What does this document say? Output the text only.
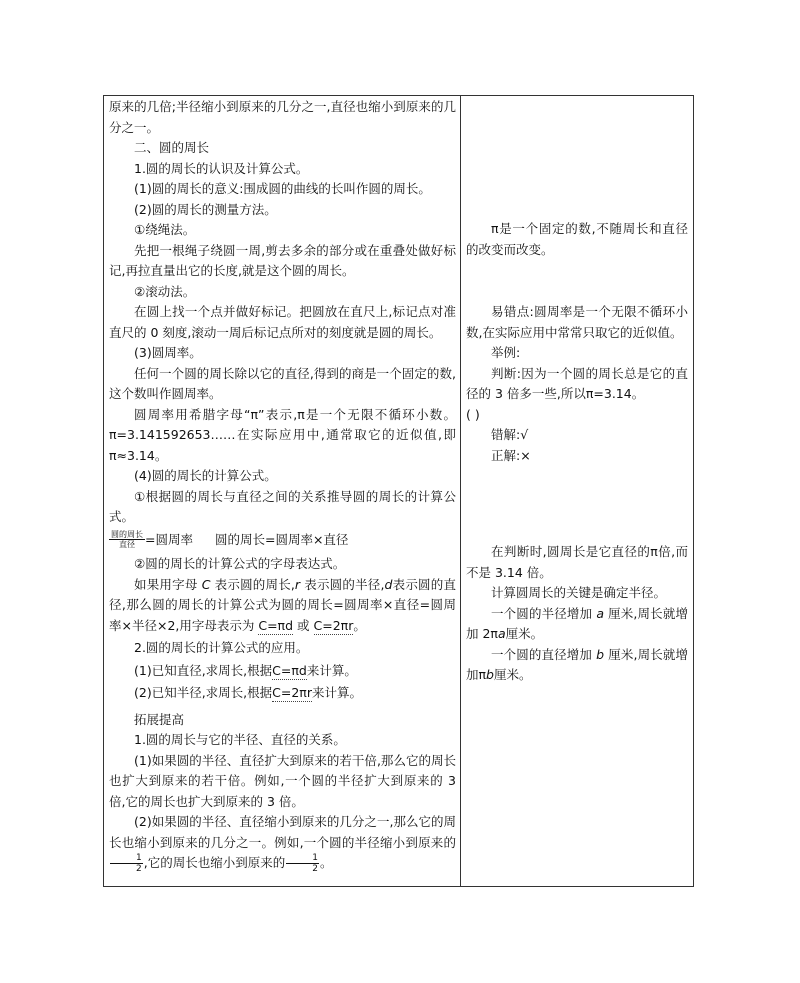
原来的几倍;半径缩小到原来的几分之一,直径也缩小到原来的几分之一。

二、圆的周长

1.圆的周长的认识及计算公式。

(1)圆的周长的意义:围成圆的曲线的长叫作圆的周长。

(2)圆的周长的测量方法。

①绕绳法。

先把一根绳子绕圆一周,剪去多余的部分或在重叠处做好标记,再拉直量出它的长度,就是这个圆的周长。

②滚动法。

在圆上找一个点并做好标记。把圆放在直尺上,标记点对准直尺的 0 刻度,滚动一周后标记点所对的刻度就是圆的周长。

(3)圆周率。

任何一个圆的周长除以它的直径,得到的商是一个固定的数,这个数叫作圆周率。

圆周率用希腊字母“π”表示,π是一个无限不循环小数。π=3.141592653……在实际应用中,通常取它的近似值,即π≈3.14。

(4)圆的周长的计算公式。

①根据圆的周长与直径之间的关系推导圆的周长的计算公式。

$\frac{\text{圆的周长}}{\text{直径}}$ =圆周率 圆的周长=圆周率×直径

②圆的周长的计算公式的字母表达式。

如果用字母 C 表示圆的周长,r 表示圆的半径,d表示圆的直径,那么圆的周长的计算公式为圆的周长=圆周率×直径=圆周率×半径×2,用字母表示为 C=πd 或 C=2πr。

2.圆的周长的计算公式的应用。

(1)已知直径,求周长,根据C=πd来计算。

(2)已知半径,求周长,根据C=2πr来计算。

拓展提高

1.圆的周长与它的半径、直径的关系。

(1)如果圆的半径、直径扩大到原来的若干倍,那么它的周长也扩大到原来的若干倍。例如,一个圆的半径扩大到原来的 3 倍,它的周长也扩大到原来的 3 倍。

(2)如果圆的半径、直径缩小到原来的几分之一,那么它的周长也缩小到原来的几分之一。例如,一个圆的半径缩小到原来的
$\frac{1}{2}$ ,它的周长也缩小到原来的 $\frac{1}{2}$ 。

π是一个固定的数,不随周长和直径的改变而改变。

易错点:圆周率是一个无限不循环小数,在实际应用中常常只取它的近似值。

举例:

判断:因为一个圆的周长总是它的直径的 3 倍多一些,所以π=3.14。

( )

错解:√

正解:×

在判断时,圆周长是它直径的π倍,而不是 3.14 倍。

计算圆周长的关键是确定半径。

一个圆的半径增加 a 厘米,周长就增加 2πa厘米。

一个圆的直径增加 b 厘米,周长就增加πb厘米。
